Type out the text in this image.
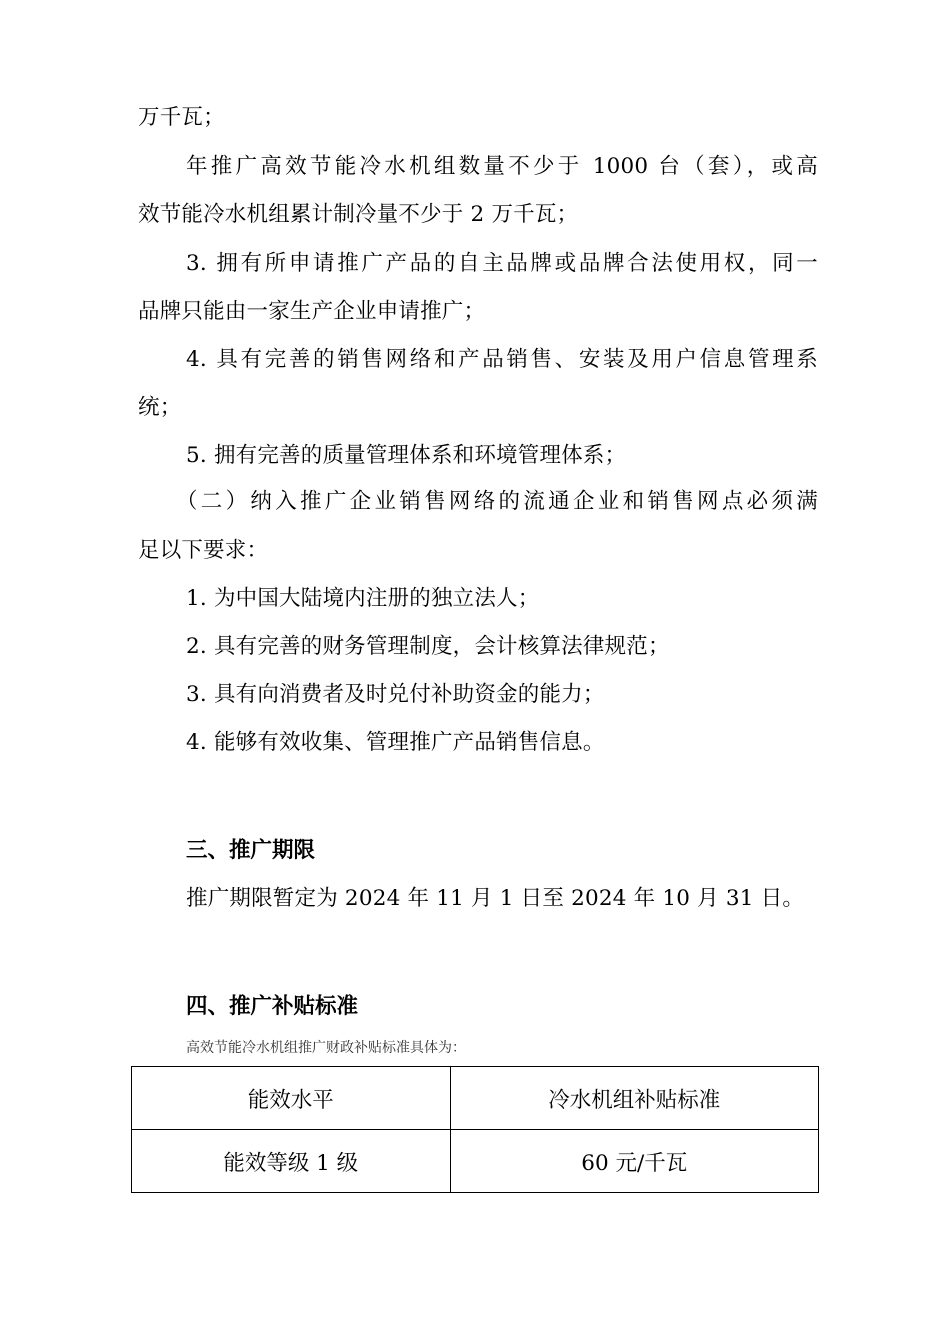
万千瓦；
年推广高效节能冷水机组数量不少于 1000 台（套），或高
效节能冷水机组累计制冷量不少于 2 万千瓦；
3. 拥有所申请推广产品的自主品牌或品牌合法使用权，同一
品牌只能由一家生产企业申请推广；
4. 具有完善的销售网络和产品销售、安装及用户信息管理系
统；
5. 拥有完善的质量管理体系和环境管理体系；
（二）纳入推广企业销售网络的流通企业和销售网点必须满
足以下要求：
1. 为中国大陆境内注册的独立法人；
2. 具有完善的财务管理制度，会计核算法律规范；
3. 具有向消费者及时兑付补助资金的能力；
4. 能够有效收集、管理推广产品销售信息。
三、推广期限
推广期限暂定为 2024 年 11 月 1 日至 2024 年 10 月 31 日。
四、推广补贴标准
高效节能冷水机组推广财政补贴标准具体为：
能效水平	冷水机组补贴标准
能效等级 1 级	60 元/千瓦
